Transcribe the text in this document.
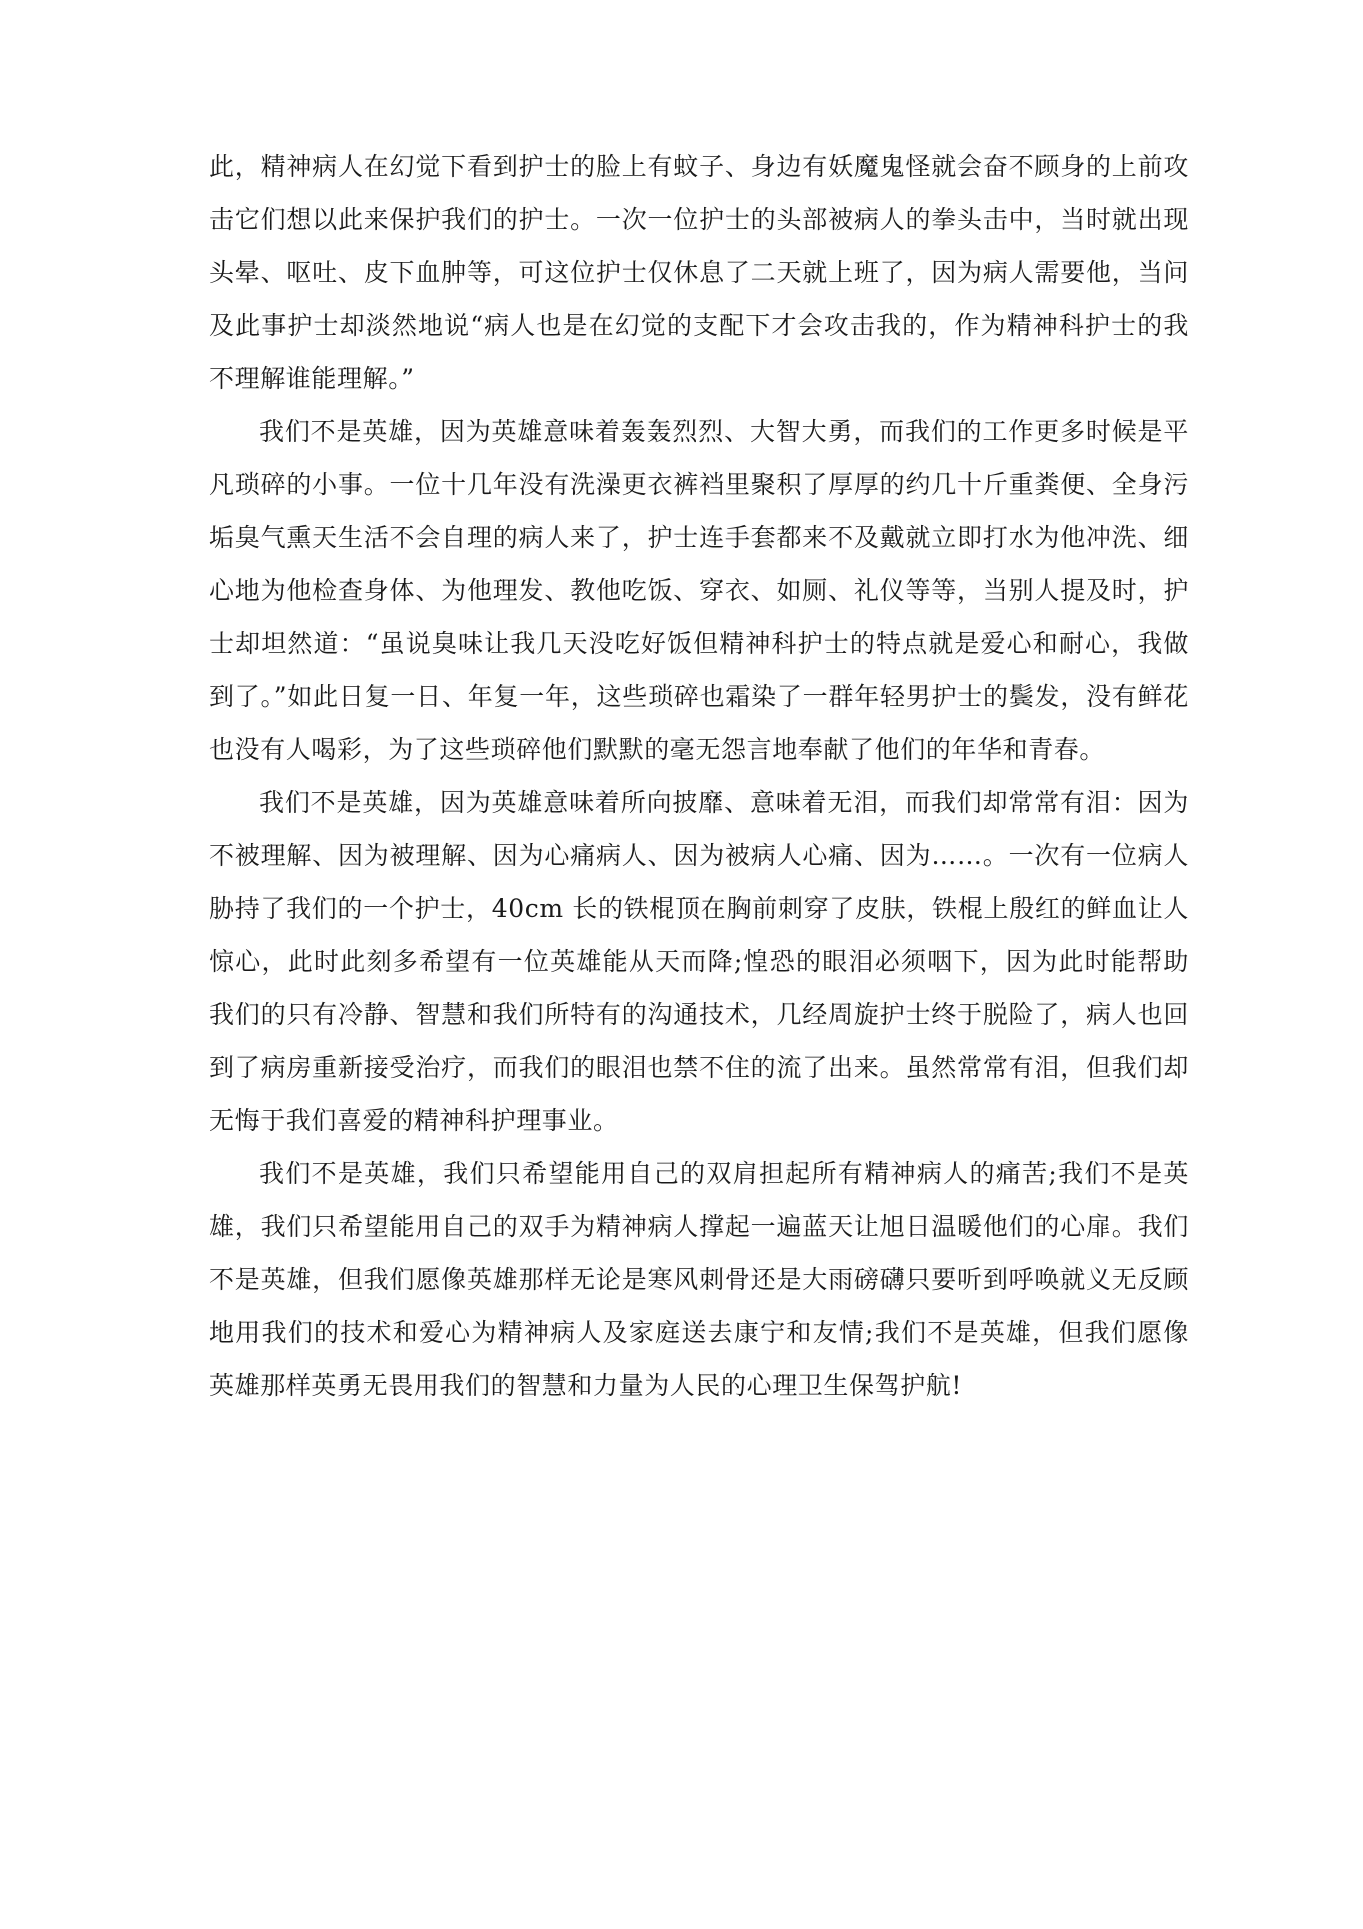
此，精神病人在幻觉下看到护士的脸上有蚊子、身边有妖魔鬼怪就会奋不顾身的上前攻击它们想以此来保护我们的护士。一次一位护士的头部被病人的拳头击中，当时就出现头晕、呕吐、皮下血肿等，可这位护士仅休息了二天就上班了，因为病人需要他，当问及此事护士却淡然地说“病人也是在幻觉的支配下才会攻击我的，作为精神科护士的我不理解谁能理解。”

我们不是英雄，因为英雄意味着轰轰烈烈、大智大勇，而我们的工作更多时候是平凡琐碎的小事。一位十几年没有洗澡更衣裤裆里聚积了厚厚的约几十斤重粪便、全身污垢臭气熏天生活不会自理的病人来了，护士连手套都来不及戴就立即打水为他冲洗、细心地为他检查身体、为他理发、教他吃饭、穿衣、如厕、礼仪等等，当别人提及时，护士却坦然道：“虽说臭味让我几天没吃好饭但精神科护士的特点就是爱心和耐心，我做到了。”如此日复一日、年复一年，这些琐碎也霜染了一群年轻男护士的鬓发，没有鲜花也没有人喝彩，为了这些琐碎他们默默的毫无怨言地奉献了他们的年华和青春。

我们不是英雄，因为英雄意味着所向披靡、意味着无泪，而我们却常常有泪：因为不被理解、因为被理解、因为心痛病人、因为被病人心痛、因为……。一次有一位病人胁持了我们的一个护士，40cm 长的铁棍顶在胸前刺穿了皮肤，铁棍上殷红的鲜血让人惊心，此时此刻多希望有一位英雄能从天而降;惶恐的眼泪必须咽下，因为此时能帮助我们的只有冷静、智慧和我们所特有的沟通技术，几经周旋护士终于脱险了，病人也回到了病房重新接受治疗，而我们的眼泪也禁不住的流了出来。虽然常常有泪，但我们却无悔于我们喜爱的精神科护理事业。

我们不是英雄，我们只希望能用自己的双肩担起所有精神病人的痛苦;我们不是英雄，我们只希望能用自己的双手为精神病人撑起一遍蓝天让旭日温暖他们的心扉。我们不是英雄，但我们愿像英雄那样无论是寒风刺骨还是大雨磅礴只要听到呼唤就义无反顾地用我们的技术和爱心为精神病人及家庭送去康宁和友情;我们不是英雄，但我们愿像英雄那样英勇无畏用我们的智慧和力量为人民的心理卫生保驾护航!
